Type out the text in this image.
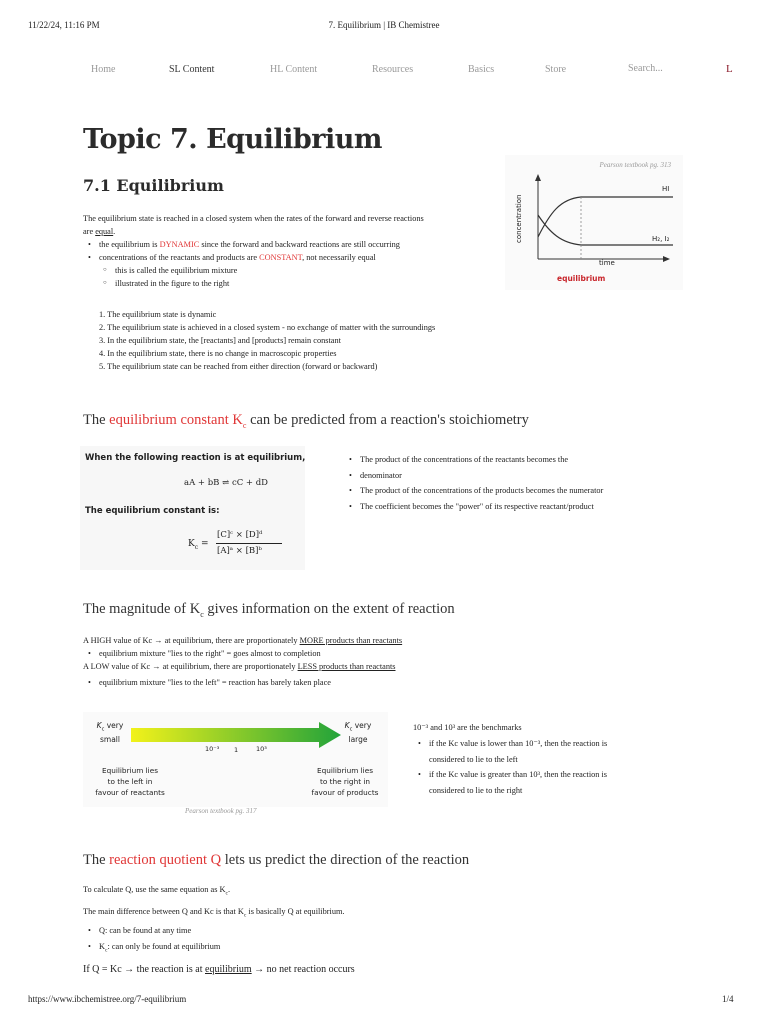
11/22/24, 11:16 PM	7. Equilibrium | IB Chemistree
Home	SL Content	HL Content	Resources	Basics	Store	Search...	L
Topic 7. Equilibrium
7.1 Equilibrium
The equilibrium state is reached in a closed system when the rates of the forward and reverse reactions
are equal.
• the equilibrium is DYNAMIC since the forward and backward reactions are still occurring
• concentrations of the reactants and products are CONSTANT, not necessarily equal
○ this is called the equilibrium mixture
○ illustrated in the figure to the right
1. The equilibrium state is dynamic
2. The equilibrium state is achieved in a closed system - no exchange of matter with the surroundings
3. In the equilibrium state, the [reactants] and [products] remain constant
4. In the equilibrium state, there is no change in macroscopic properties
5. The equilibrium state can be reached from either direction (forward or backward)
Pearson textbook pg. 313
concentration
time
HI
H₂, I₂
equilibrium
The equilibrium constant $K_c$ can be predicted from a reaction's stoichiometry
When the following reaction is at equilibrium,
aA + bB ⇌ cC + dD
The equilibrium constant is:
$K_c$ =
[C]ᶜ × [D]ᵈ
[A]ᵃ × [B]ᵇ
• The product of the concentrations of the reactants becomes the
• denominator
• The product of the concentrations of the products becomes the numerator
• The coefficient becomes the "power" of its respective reactant/product
The magnitude of $K_c$ gives information on the extent of reaction
A HIGH value of Kc → at equilibrium, there are proportionately MORE products than reactants
• equilibrium mixture "lies to the right" = goes almost to completion
A LOW value of Kc → at equilibrium, there are proportionately LESS products than reactants
• equilibrium mixture "lies to the left" = reaction has barely taken place
$K_c$ very
small
$K_c$ very
large
10⁻³ 1	10³
Equilibrium lies
to the left in
favour of reactants
Equilibrium lies
to the right in
favour of products
Pearson textbook pg. 317
10⁻³ and 10³ are the benchmarks
• if the Kc value is lower than 10⁻³, then the reaction is
considered to lie to the left
• if the Kc value is greater than 10³, then the reaction is
considered to lie to the right
The reaction quotient Q lets us predict the direction of the reaction
To calculate Q, use the same equation as $K_c$.
The main difference between Q and Kc is that $K_c$ is basically Q at equilibrium.
• Q: can be found at any time
• $K_c$: can only be found at equilibrium
If Q = Kc → the reaction is at equilibrium → no net reaction occurs
https://www.ibchemistree.org/7-equilibrium	1/4
